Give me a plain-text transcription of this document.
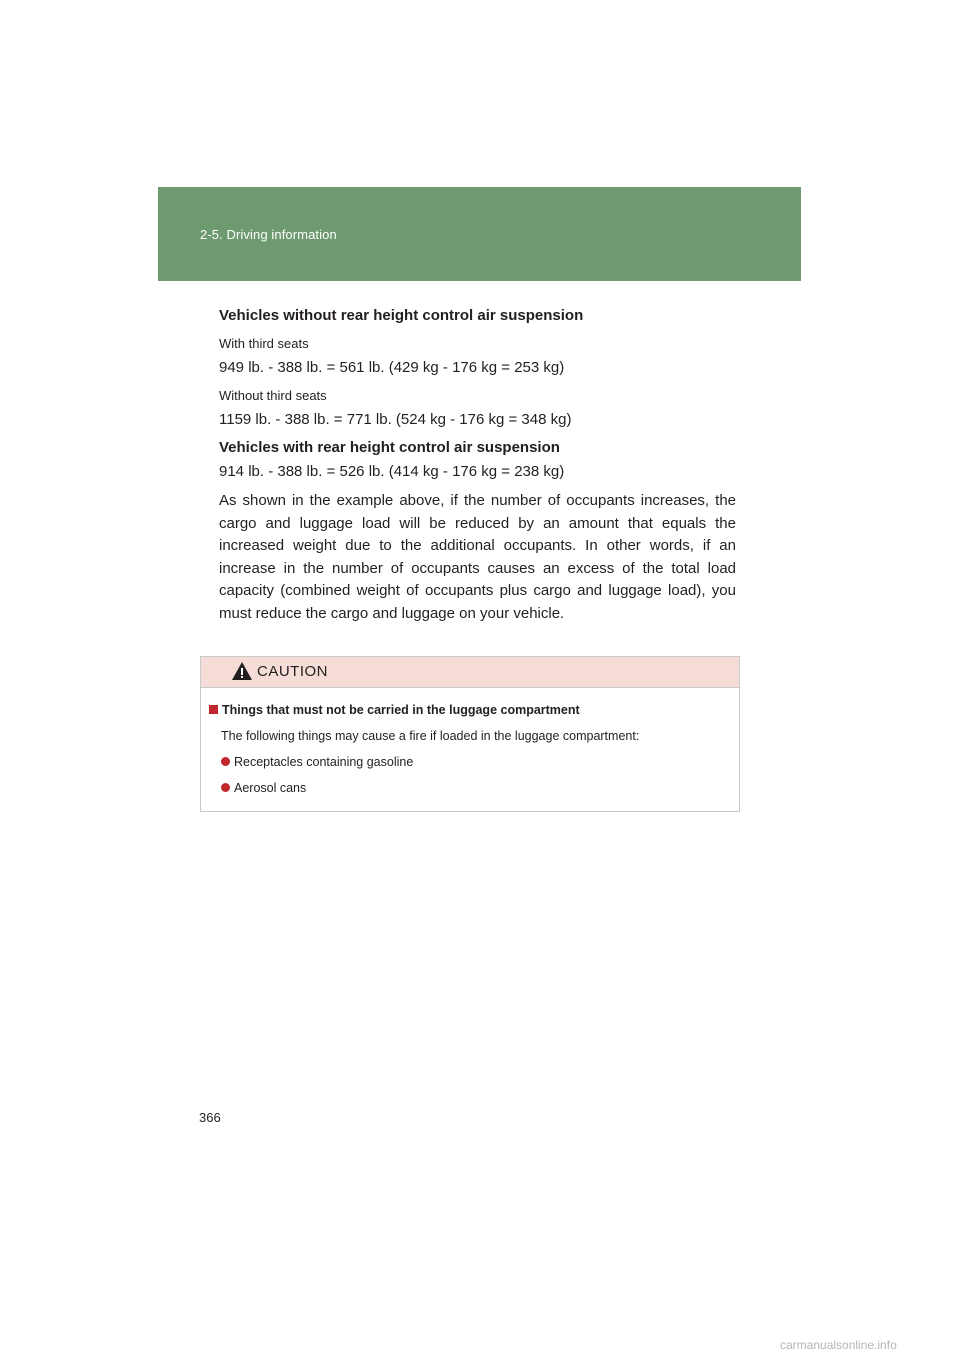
2-5. Driving information

Vehicles without rear height control air suspension

With third seats

949 lb. - 388 lb. = 561 lb. (429 kg - 176 kg = 253 kg)

Without third seats

1159 lb. - 388 lb. = 771 lb. (524 kg - 176 kg = 348 kg)

Vehicles with rear height control air suspension

914 lb. - 388 lb. = 526 lb. (414 kg - 176 kg = 238 kg)

As shown in the example above, if the number of occupants increases, the cargo and luggage load will be reduced by an amount that equals the increased weight due to the additional occupants. In other words, if an increase in the number of occupants causes an excess of the total load capacity (combined weight of occupants plus cargo and luggage load), you must reduce the cargo and luggage on your vehicle.

CAUTION

Things that must not be carried in the luggage compartment

The following things may cause a fire if loaded in the luggage compartment:

Receptacles containing gasoline

Aerosol cans

366
carmanualsonline.info
